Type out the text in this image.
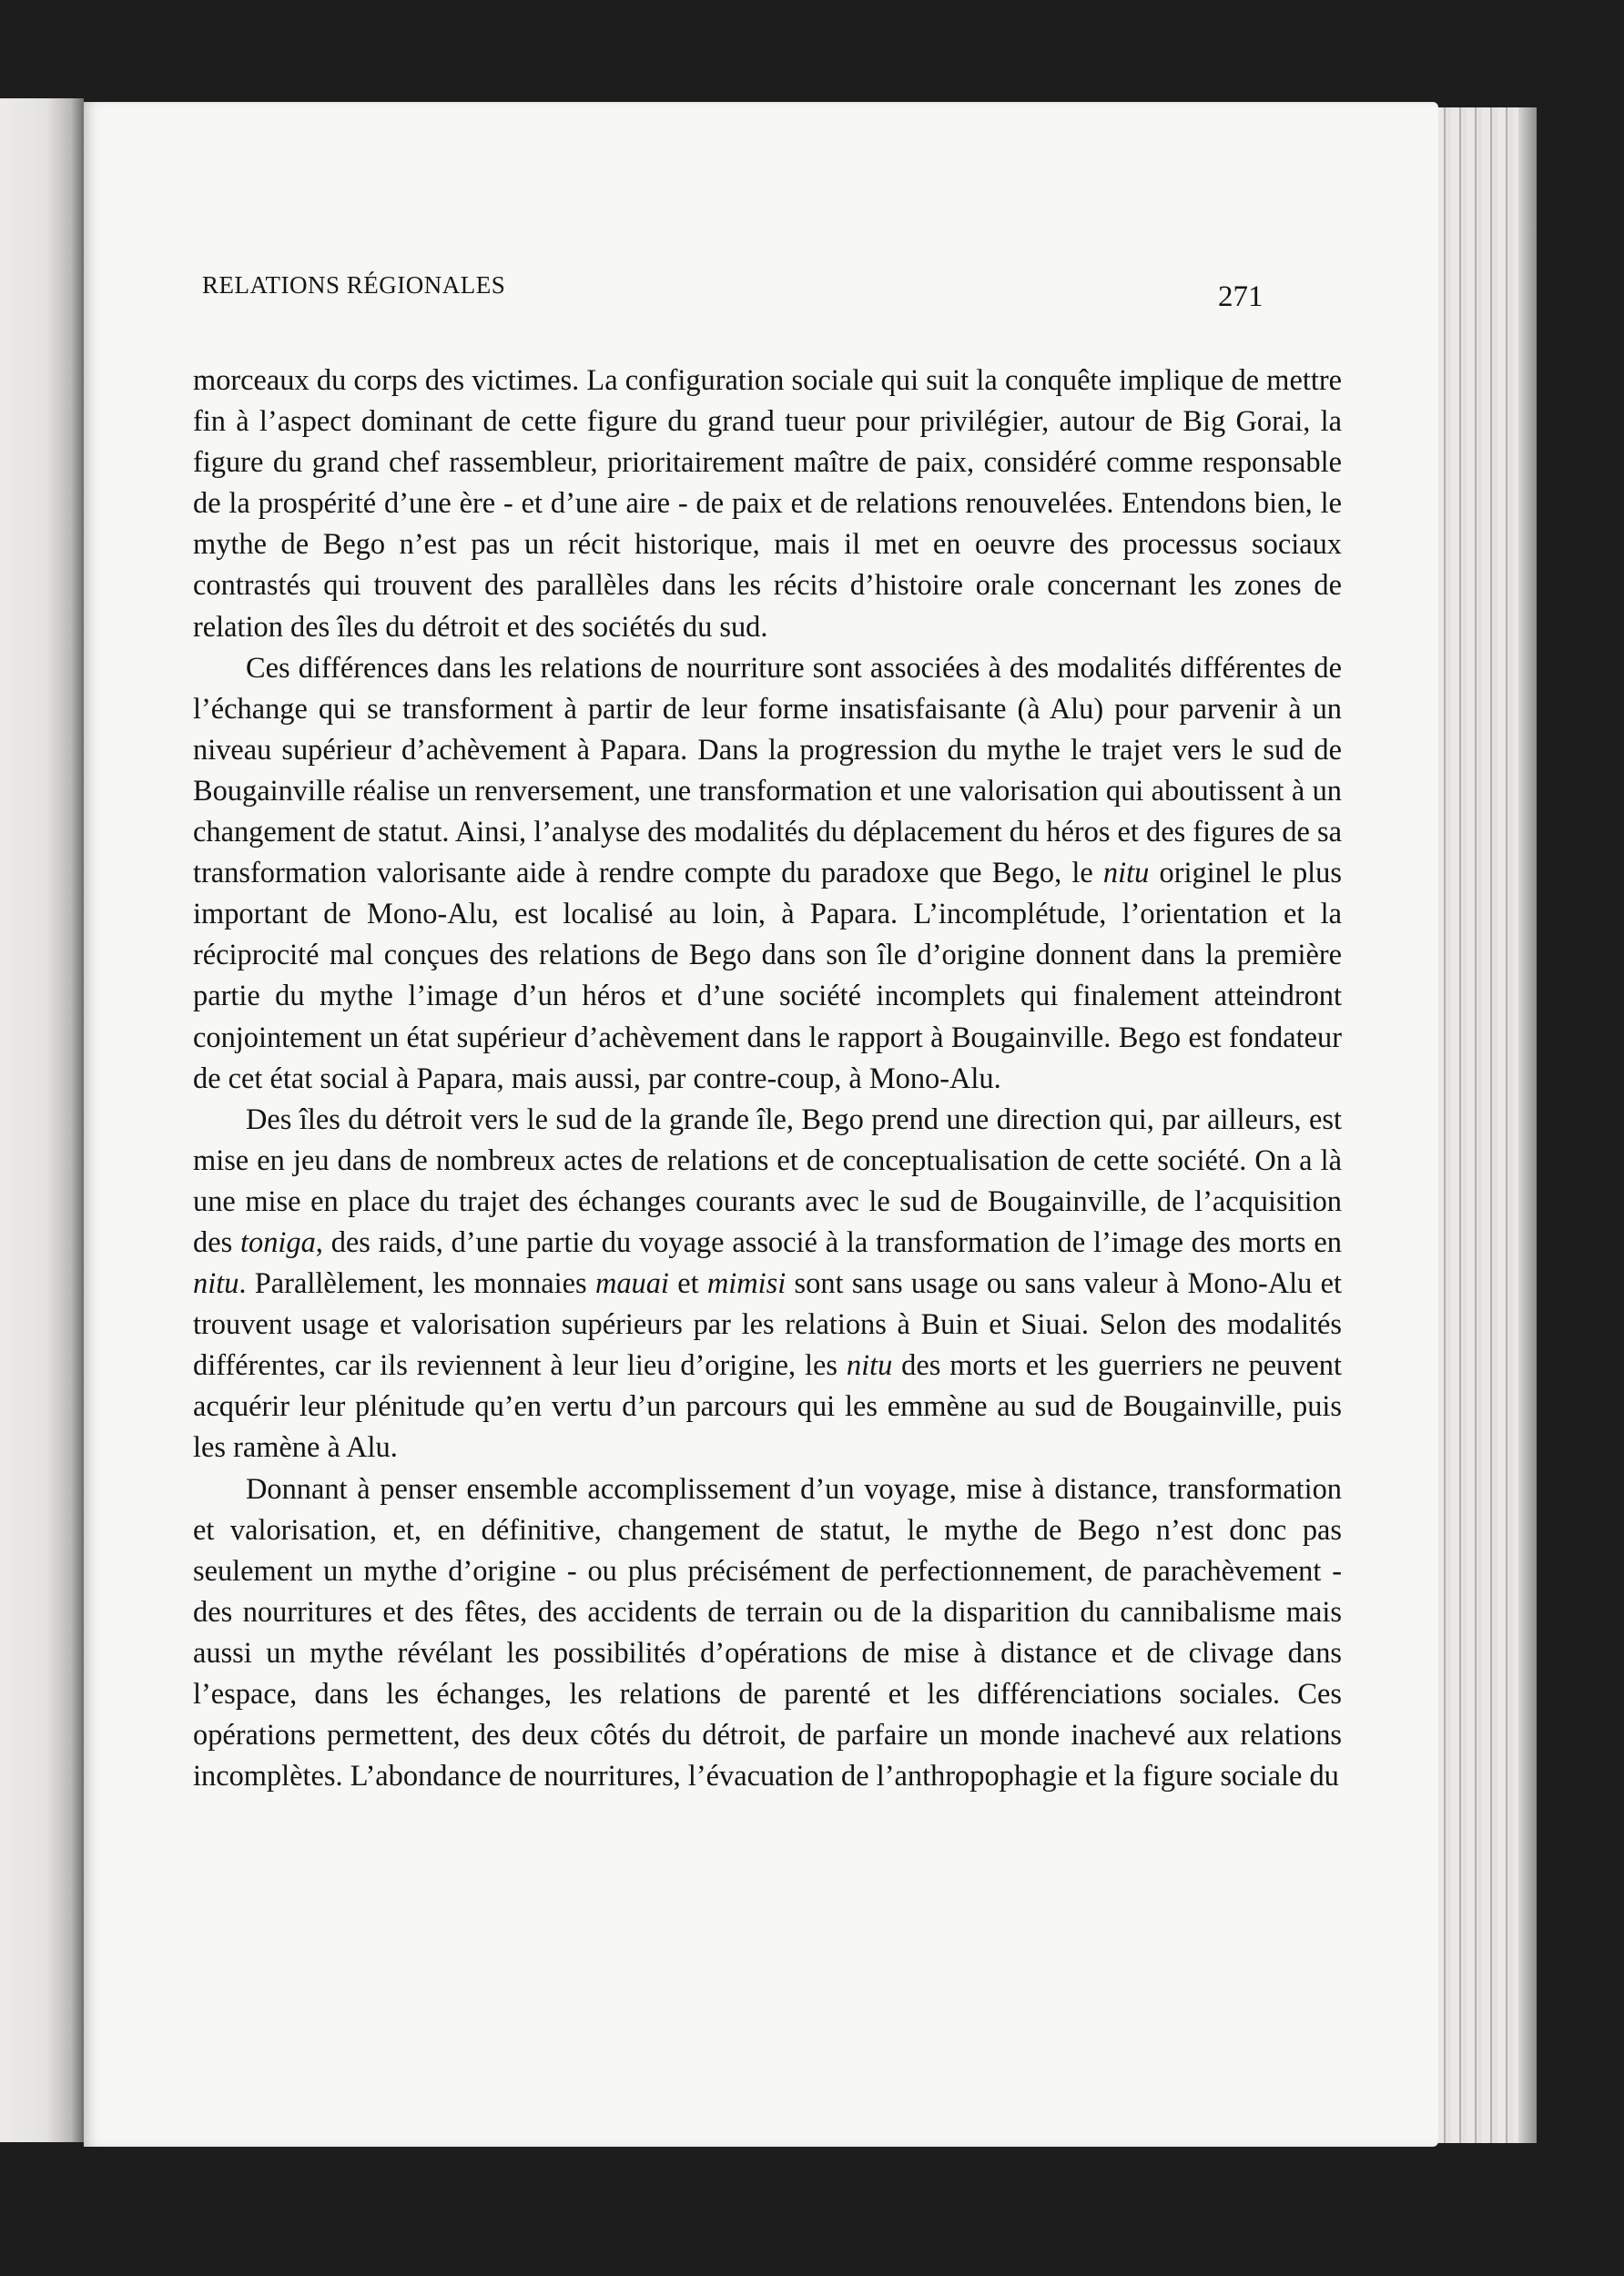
RELATIONS RÉGIONALES	271

morceaux du corps des victimes. La configuration sociale qui suit la conquête implique de mettre fin à l’aspect dominant de cette figure du grand tueur pour privilégier, autour de Big Gorai, la figure du grand chef rassembleur, prioritairement maître de paix, considéré comme responsable de la prospérité d’une ère - et d’une aire - de paix et de relations renouvelées. Entendons bien, le mythe de Bego n’est pas un récit historique, mais il met en oeuvre des processus sociaux contrastés qui trouvent des parallèles dans les récits d’histoire orale concernant les zones de relation des îles du détroit et des sociétés du sud.

Ces différences dans les relations de nourriture sont associées à des modalités différentes de l’échange qui se transforment à partir de leur forme insatisfaisante (à Alu) pour parvenir à un niveau supérieur d’achèvement à Papara. Dans la progression du mythe le trajet vers le sud de Bougainville réalise un renversement, une transformation et une valorisation qui aboutissent à un changement de statut. Ainsi, l’analyse des modalités du déplacement du héros et des figures de sa transformation valorisante aide à rendre compte du paradoxe que Bego, le nitu originel le plus important de Mono-Alu, est localisé au loin, à Papara. L’incomplétude, l’orientation et la réciprocité mal conçues des relations de Bego dans son île d’origine donnent dans la première partie du mythe l’image d’un héros et d’une société incomplets qui finalement atteindront conjointement un état supérieur d’achèvement dans le rapport à Bougainville. Bego est fondateur de cet état social à Papara, mais aussi, par contre-coup, à Mono-Alu.

Des îles du détroit vers le sud de la grande île, Bego prend une direction qui, par ailleurs, est mise en jeu dans de nombreux actes de relations et de conceptualisation de cette société. On a là une mise en place du trajet des échanges courants avec le sud de Bougainville, de l’acquisition des toniga, des raids, d’une partie du voyage associé à la transformation de l’image des morts en nitu. Parallèlement, les monnaies mauai et mimisi sont sans usage ou sans valeur à Mono-Alu et trouvent usage et valorisation supérieurs par les relations à Buin et Siuai. Selon des modalités différentes, car ils reviennent à leur lieu d’origine, les nitu des morts et les guerriers ne peuvent acquérir leur plénitude qu’en vertu d’un parcours qui les emmène au sud de Bougainville, puis les ramène à Alu.

Donnant à penser ensemble accomplissement d’un voyage, mise à distance, transformation et valorisation, et, en définitive, changement de statut, le mythe de Bego n’est donc pas seulement un mythe d’origine - ou plus précisément de perfectionnement, de parachèvement - des nourritures et des fêtes, des accidents de terrain ou de la disparition du cannibalisme mais aussi un mythe révélant les possibilités d’opérations de mise à distance et de clivage dans l’espace, dans les échanges, les relations de parenté et les différenciations sociales. Ces opérations permettent, des deux côtés du détroit, de parfaire un monde inachevé aux relations incomplètes. L’abondance de nourritures, l’évacuation de l’anthropophagie et la figure sociale du
